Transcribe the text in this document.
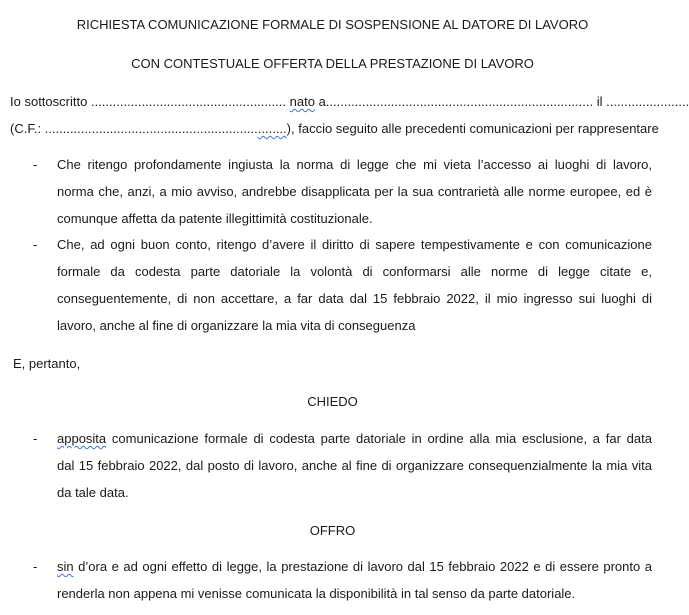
RICHIESTA COMUNICAZIONE FORMALE DI SOSPENSIONE AL DATORE DI LAVORO
CON CONTESTUALE OFFERTA DELLA PRESTAZIONE DI LAVORO
Io sottoscritto ...................................................... nato a.......................................................................... il .......................
(C.F.: ...................................................................), faccio seguito alle precedenti comunicazioni per rappresentare
- Che ritengo profondamente ingiusta la norma di legge che mi vieta l’accesso ai luoghi di lavoro,
norma che, anzi, a mio avviso, andrebbe disapplicata per la sua contrarietà alle norme europee, ed è
comunque affetta da patente illegittimità costituzionale.
- Che, ad ogni buon conto, ritengo d’avere il diritto di sapere tempestivamente e con comunicazione
formale da codesta parte datoriale la volontà di conformarsi alle norme di legge citate e,
conseguentemente, di non accettare, a far data dal 15 febbraio 2022, il mio ingresso sui luoghi di
lavoro, anche al fine di organizzare la mia vita di conseguenza
E, pertanto,
CHIEDO
- apposita comunicazione formale di codesta parte datoriale in ordine alla mia esclusione, a far data
dal 15 febbraio 2022, dal posto di lavoro, anche al fine di organizzare consequenzialmente la mia vita
da tale data.
OFFRO
- sin d’ora e ad ogni effetto di legge, la prestazione di lavoro dal 15 febbraio 2022 e di essere pronto a
renderla non appena mi venisse comunicata la disponibilità in tal senso da parte datoriale.
